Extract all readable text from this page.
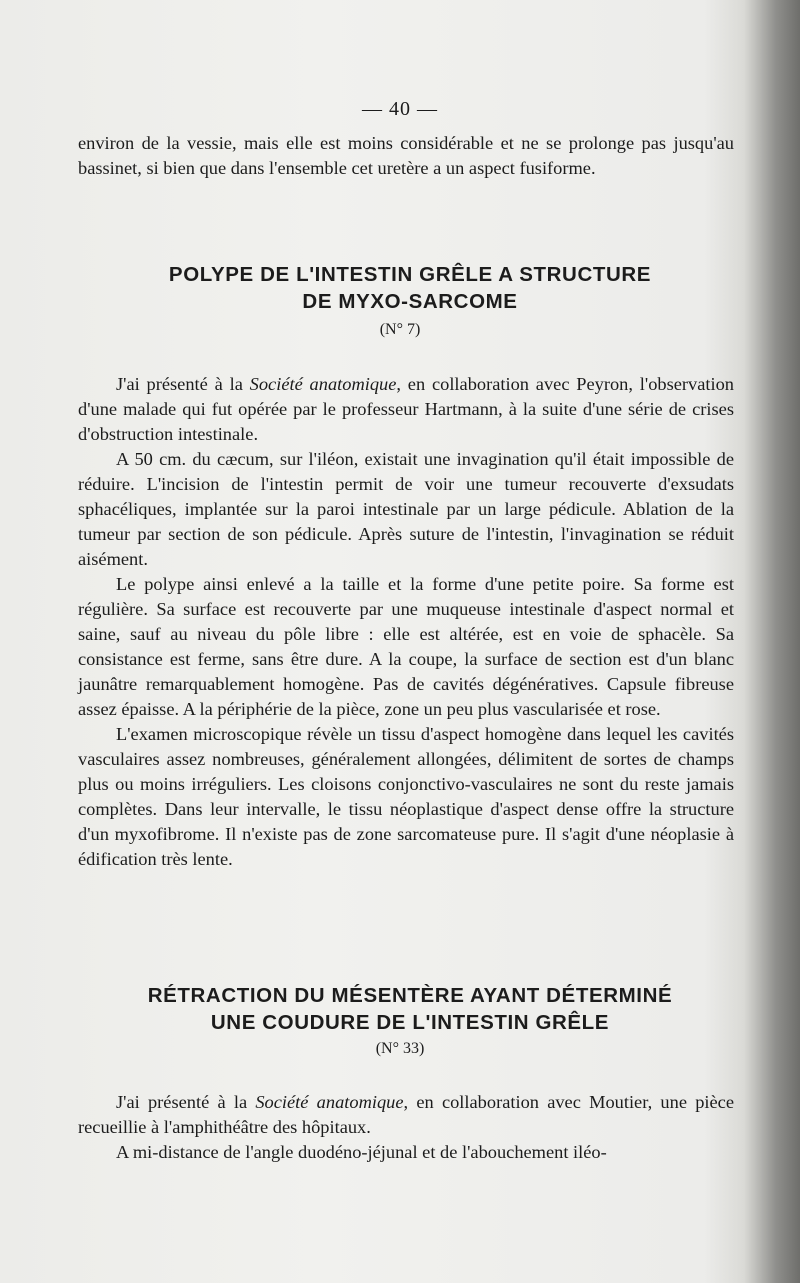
— 40 —

environ de la vessie, mais elle est moins considérable et ne se prolonge pas jusqu'au bassinet, si bien que dans l'ensemble cet uretère a un aspect fusiforme.

POLYPE DE L'INTESTIN GRÊLE A STRUCTURE
DE MYXO-SARCOME
(N° 7)

J'ai présenté à la Société anatomique, en collaboration avec Peyron, l'observation d'une malade qui fut opérée par le professeur Hartmann, à la suite d'une série de crises d'obstruction intestinale.

A 50 cm. du cæcum, sur l'iléon, existait une invagination qu'il était impossible de réduire. L'incision de l'intestin permit de voir une tumeur recouverte d'exsudats sphacéliques, implantée sur la paroi intestinale par un large pédicule. Ablation de la tumeur par section de son pédicule. Après suture de l'intestin, l'invagination se réduit aisément.

Le polype ainsi enlevé a la taille et la forme d'une petite poire. Sa forme est régulière. Sa surface est recouverte par une muqueuse intestinale d'aspect normal et saine, sauf au niveau du pôle libre : elle est altérée, est en voie de sphacèle. Sa consistance est ferme, sans être dure. A la coupe, la surface de section est d'un blanc jaunâtre remarquablement homogène. Pas de cavités dégénératives. Capsule fibreuse assez épaisse. A la périphérie de la pièce, zone un peu plus vascularisée et rose.

L'examen microscopique révèle un tissu d'aspect homogène dans lequel les cavités vasculaires assez nombreuses, généralement allongées, délimitent de sortes de champs plus ou moins irréguliers. Les cloisons conjonctivo-vasculaires ne sont du reste jamais complètes. Dans leur intervalle, le tissu néoplastique d'aspect dense offre la structure d'un myxofibrome. Il n'existe pas de zone sarcomateuse pure. Il s'agit d'une néoplasie à édification très lente.

RÉTRACTION DU MÉSENTÈRE AYANT DÉTERMINÉ
UNE COUDURE DE L'INTESTIN GRÊLE
(N° 33)

J'ai présenté à la Société anatomique, en collaboration avec Moutier, une pièce recueillie à l'amphithéâtre des hôpitaux.

A mi-distance de l'angle duodéno-jéjunal et de l'abouchement iléo-
